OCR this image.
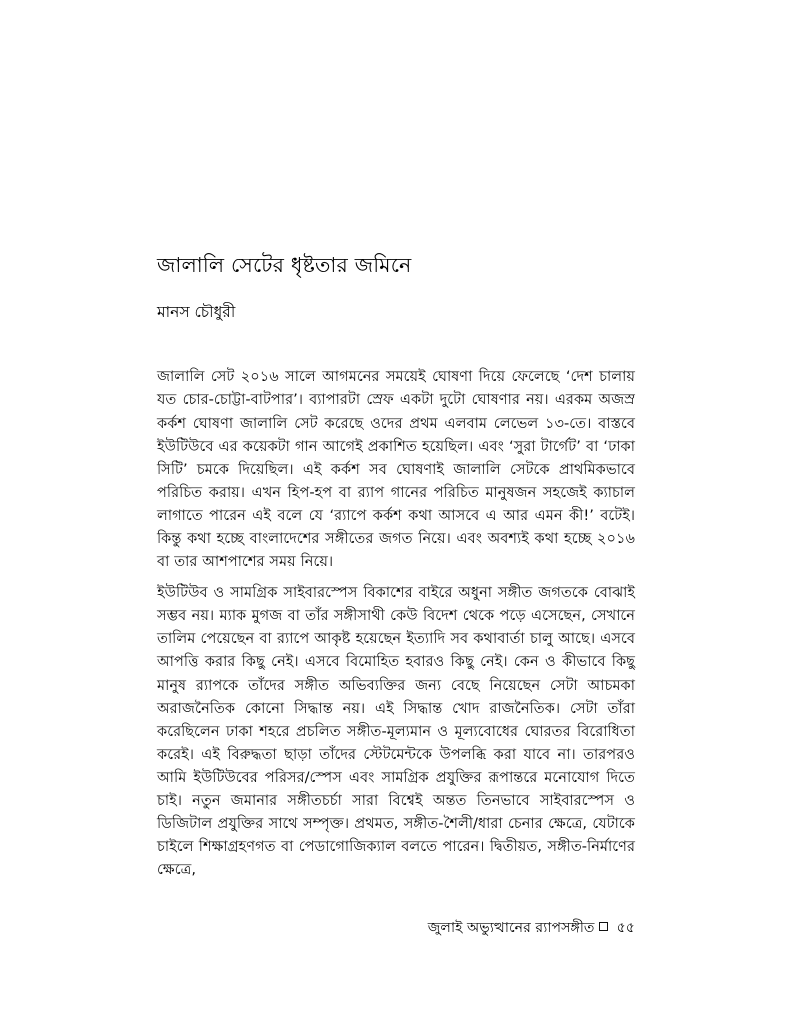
জালালি সেটের ধৃষ্টতার জমিনে
মানস চৌধুরী

জালালি সেট ২০১৬ সালে আগমনের সময়েই ঘোষণা দিয়ে ফেলেছে ‘দেশ চালায় যত চোর-চোট্টা-বাটপার’। ব্যাপারটা স্রেফ একটা দুটো ঘোষণার নয়। এরকম অজস্র কর্কশ ঘোষণা জালালি সেট করেছে ওদের প্রথম এলবাম লেভেল ১৩-তে। বাস্তবে ইউটিউবে এর কয়েকটা গান আগেই প্রকাশিত হয়েছিল। এবং ‘সুরা টার্গেট’ বা ‘ঢাকা সিটি’ চমকে দিয়েছিল। এই কর্কশ সব ঘোষণাই জালালি সেটকে প্রাথমিকভাবে পরিচিত করায়। এখন হিপ-হপ বা র‍্যাপ গানের পরিচিত মানুষজন সহজেই ক্যাচাল লাগাতে পারেন এই বলে যে ‘র‍্যাপে কর্কশ কথা আসবে এ আর এমন কী!’ বটেই। কিন্তু কথা হচ্ছে বাংলাদেশের সঙ্গীতের জগত নিয়ে। এবং অবশ্যই কথা হচ্ছে ২০১৬ বা তার আশপাশের সময় নিয়ে।

ইউটিউব ও সামগ্রিক সাইবারস্পেস বিকাশের বাইরে অধুনা সঙ্গীত জগতকে বোঝাই সম্ভব নয়। ম্যাক মুগজ বা তাঁর সঙ্গীসাথী কেউ বিদেশ থেকে পড়ে এসেছেন, সেখানে তালিম পেয়েছেন বা র‍্যাপে আকৃষ্ট হয়েছেন ইত্যাদি সব কথাবার্তা চালু আছে। এসবে আপত্তি করার কিছু নেই। এসবে বিমোহিত হবারও কিছু নেই। কেন ও কীভাবে কিছু মানুষ র‍্যাপকে তাঁদের সঙ্গীত অভিব্যক্তির জন্য বেছে নিয়েছেন সেটা আচমকা অরাজনৈতিক কোনো সিদ্ধান্ত নয়। এই সিদ্ধান্ত খোদ রাজনৈতিক। সেটা তাঁরা করেছিলেন ঢাকা শহরে প্রচলিত সঙ্গীত-মূল্যমান ও মূল্যবোধের ঘোরতর বিরোধিতা করেই। এই বিরুদ্ধতা ছাড়া তাঁদের স্টেটমেন্টকে উপলব্ধি করা যাবে না। তারপরও আমি ইউটিউবের পরিসর/স্পেস এবং সামগ্রিক প্রযুক্তির রূপান্তরে মনোযোগ দিতে চাই। নতুন জমানার সঙ্গীতচর্চা সারা বিশ্বেই অন্তত তিনভাবে সাইবারস্পেস ও ডিজিটাল প্রযুক্তির সাথে সম্পৃক্ত। প্রথমত, সঙ্গীত-শৈলী/ধারা চেনার ক্ষেত্রে, যেটাকে চাইলে শিক্ষাগ্রহণগত বা পেডাগোজিক্যাল বলতে পারেন। দ্বিতীয়ত, সঙ্গীত-নির্মাণের ক্ষেত্রে,

জুলাই অভ্যুত্থানের র‍্যাপসঙ্গীত ৫৫
